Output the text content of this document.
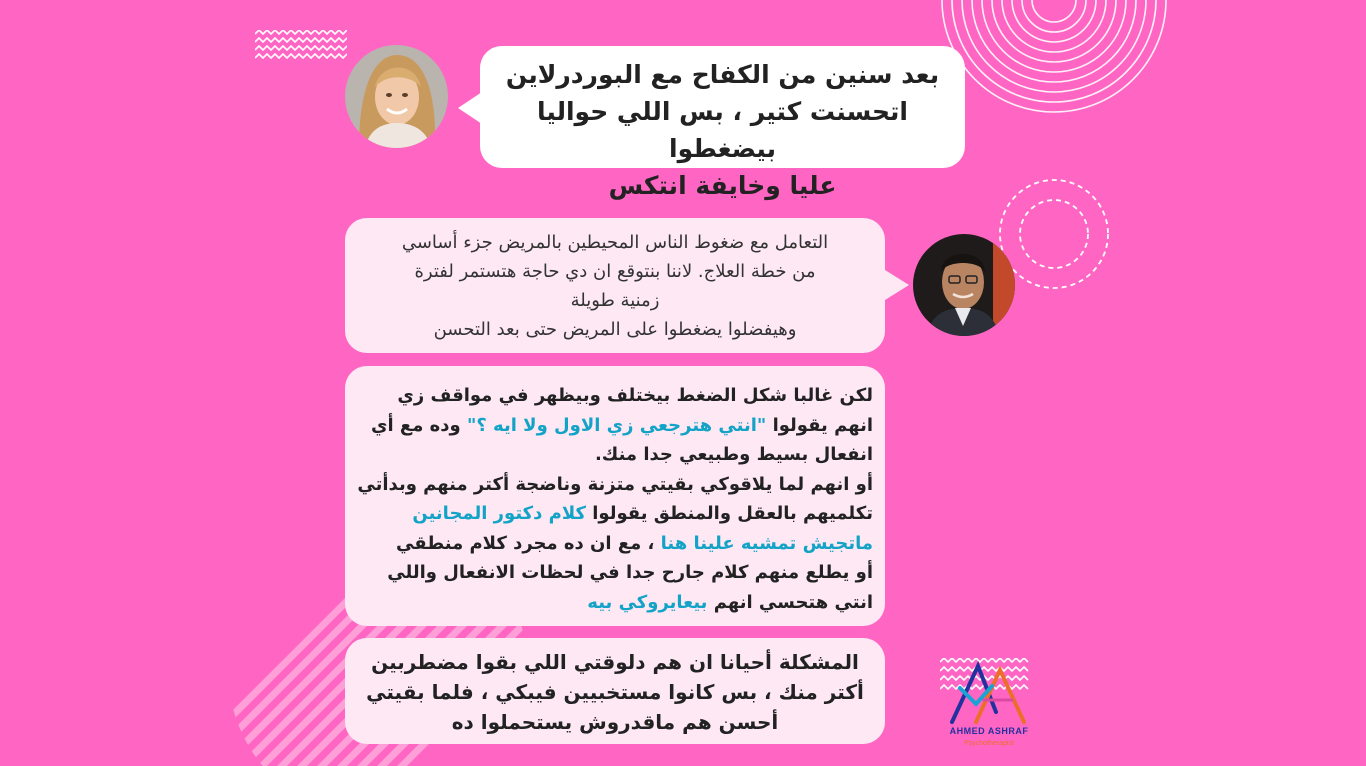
بعد سنين من الكفاح مع البوردرلاين
اتحسنت كتير ، بس اللي حواليا بيضغطوا
عليا وخايفة انتكس
التعامل مع ضغوط الناس المحيطين بالمريض جزء أساسي
من خطة العلاج. لاننا بنتوقع ان دي حاجة هتستمر لفترة
زمنية طويلة
وهيفضلوا يضغطوا على المريض حتى بعد التحسن
لكن غالبا شكل الضغط بيختلف وبيظهر في مواقف زي انهم يقولوا "انتي هترجعي زي الاول ولا ايه ؟" وده مع أي انفعال بسيط وطبيعي جدا منك.
أو انهم لما يلاقوكي بقيتي متزنة وناضجة أكتر منهم وبدأتي تكلميهم بالعقل والمنطق يقولوا كلام دكتور المجانين ماتجيش تمشيه علينا هنا ، مع ان ده مجرد كلام منطقي
أو يطلع منهم كلام جارح جدا في لحظات الانفعال واللي انتي هتحسي انهم بيعايروكي بيه
المشكلة أحيانا ان هم دلوقتي اللي بقوا مضطربين
أكتر منك ، بس كانوا مستخبيين فيبكي ، فلما بقيتي
أحسن هم ماقدروش يستحملوا ده	AHMED ASHRAF
Psychotherapist
